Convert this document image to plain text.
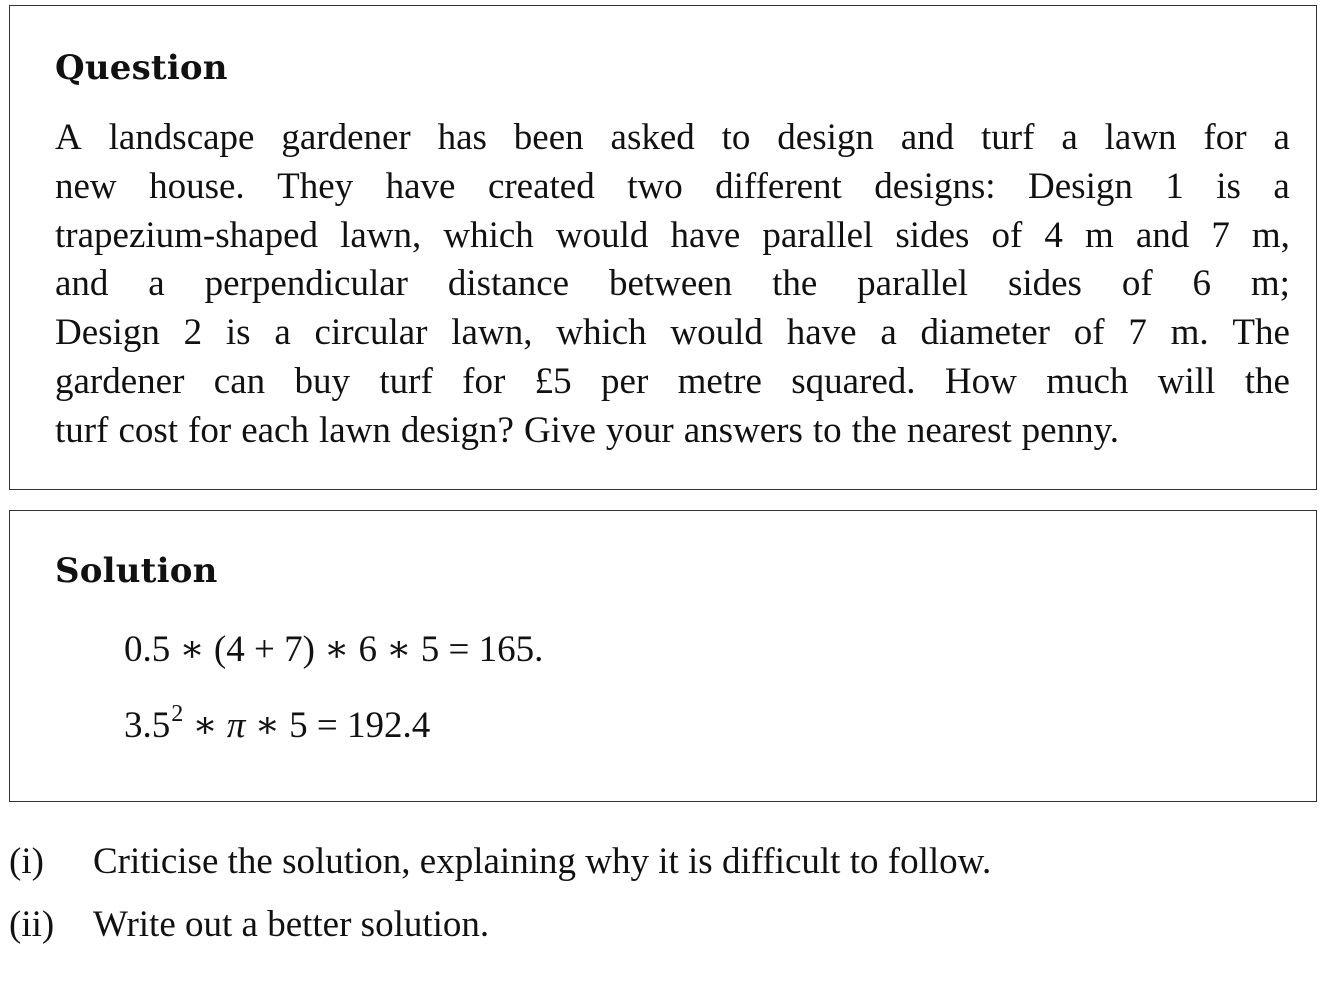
Question
A landscape gardener has been asked to design and turf a lawn for a
new house. They have created two different designs: Design 1 is a
trapezium-shaped lawn, which would have parallel sides of 4 m and 7 m,
and a perpendicular distance between the parallel sides of 6 m;
Design 2 is a circular lawn, which would have a diameter of 7 m. The
gardener can buy turf for £5 per metre squared. How much will the
turf cost for each lawn design? Give your answers to the nearest penny.
Solution
0.5 ∗ (4 + 7) ∗ 6 ∗ 5 = 165.
$3.5^2$ ∗ π ∗ 5 = 192.4
(i) Criticise the solution, explaining why it is difficult to follow.
(ii) Write out a better solution.
